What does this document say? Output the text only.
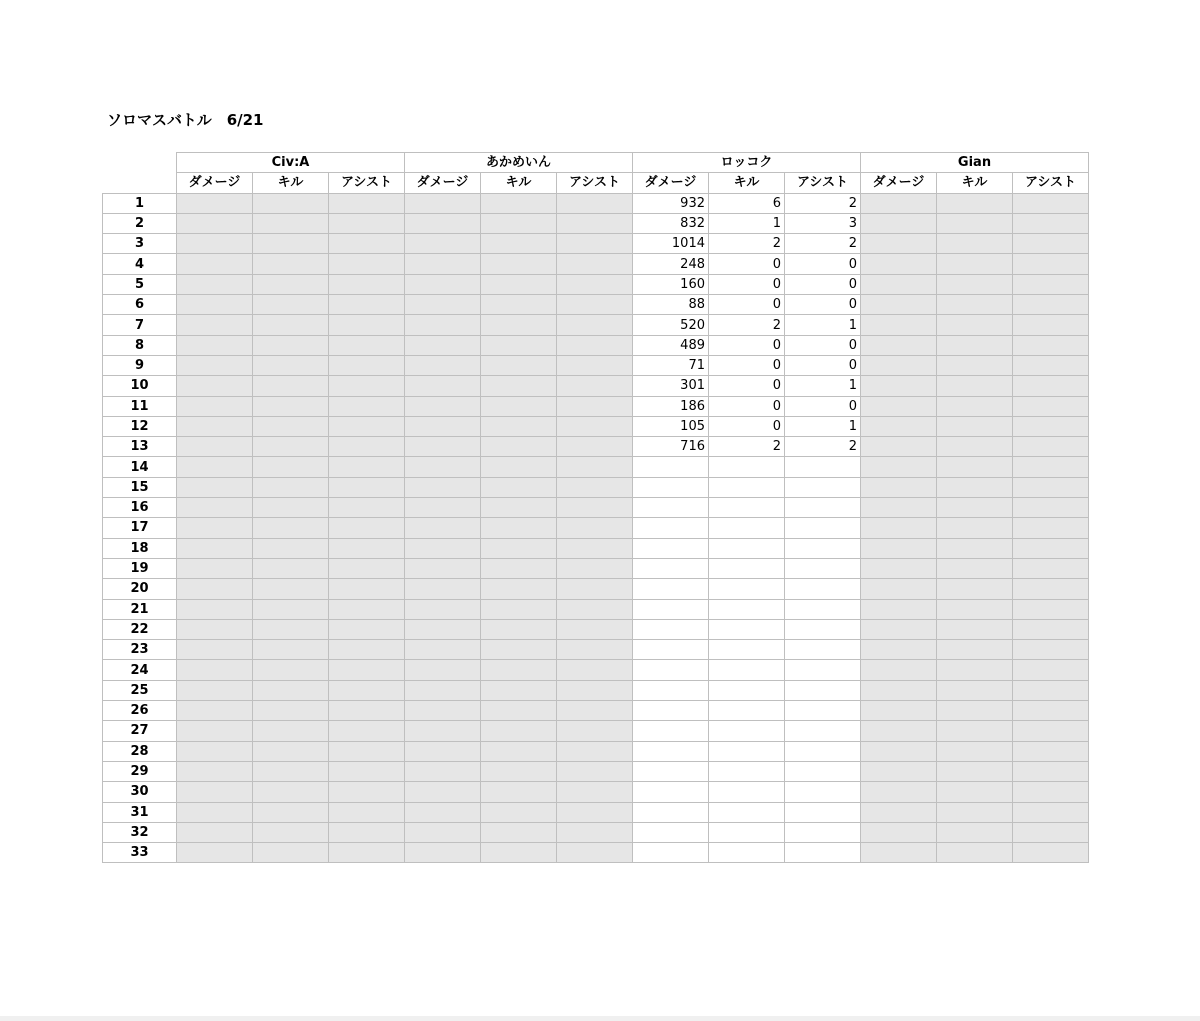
ソロマスバトル　6/21
	Civ:A			あかめいん			ロッコク			Gian		
	ダメージ	キル	アシスト	ダメージ	キル	アシスト	ダメージ	キル	アシスト	ダメージ	キル	アシスト
1							932	6	2			
2							832	1	3			
3							1014	2	2			
4							248	0	0			
5							160	0	0			
6							88	0	0			
7							520	2	1			
8							489	0	0			
9							71	0	0			
10							301	0	1			
11							186	0	0			
12							105	0	1			
13							716	2	2			
14												
15												
16												
17												
18												
19												
20												
21												
22												
23												
24												
25												
26												
27												
28												
29												
30												
31												
32												
33												
